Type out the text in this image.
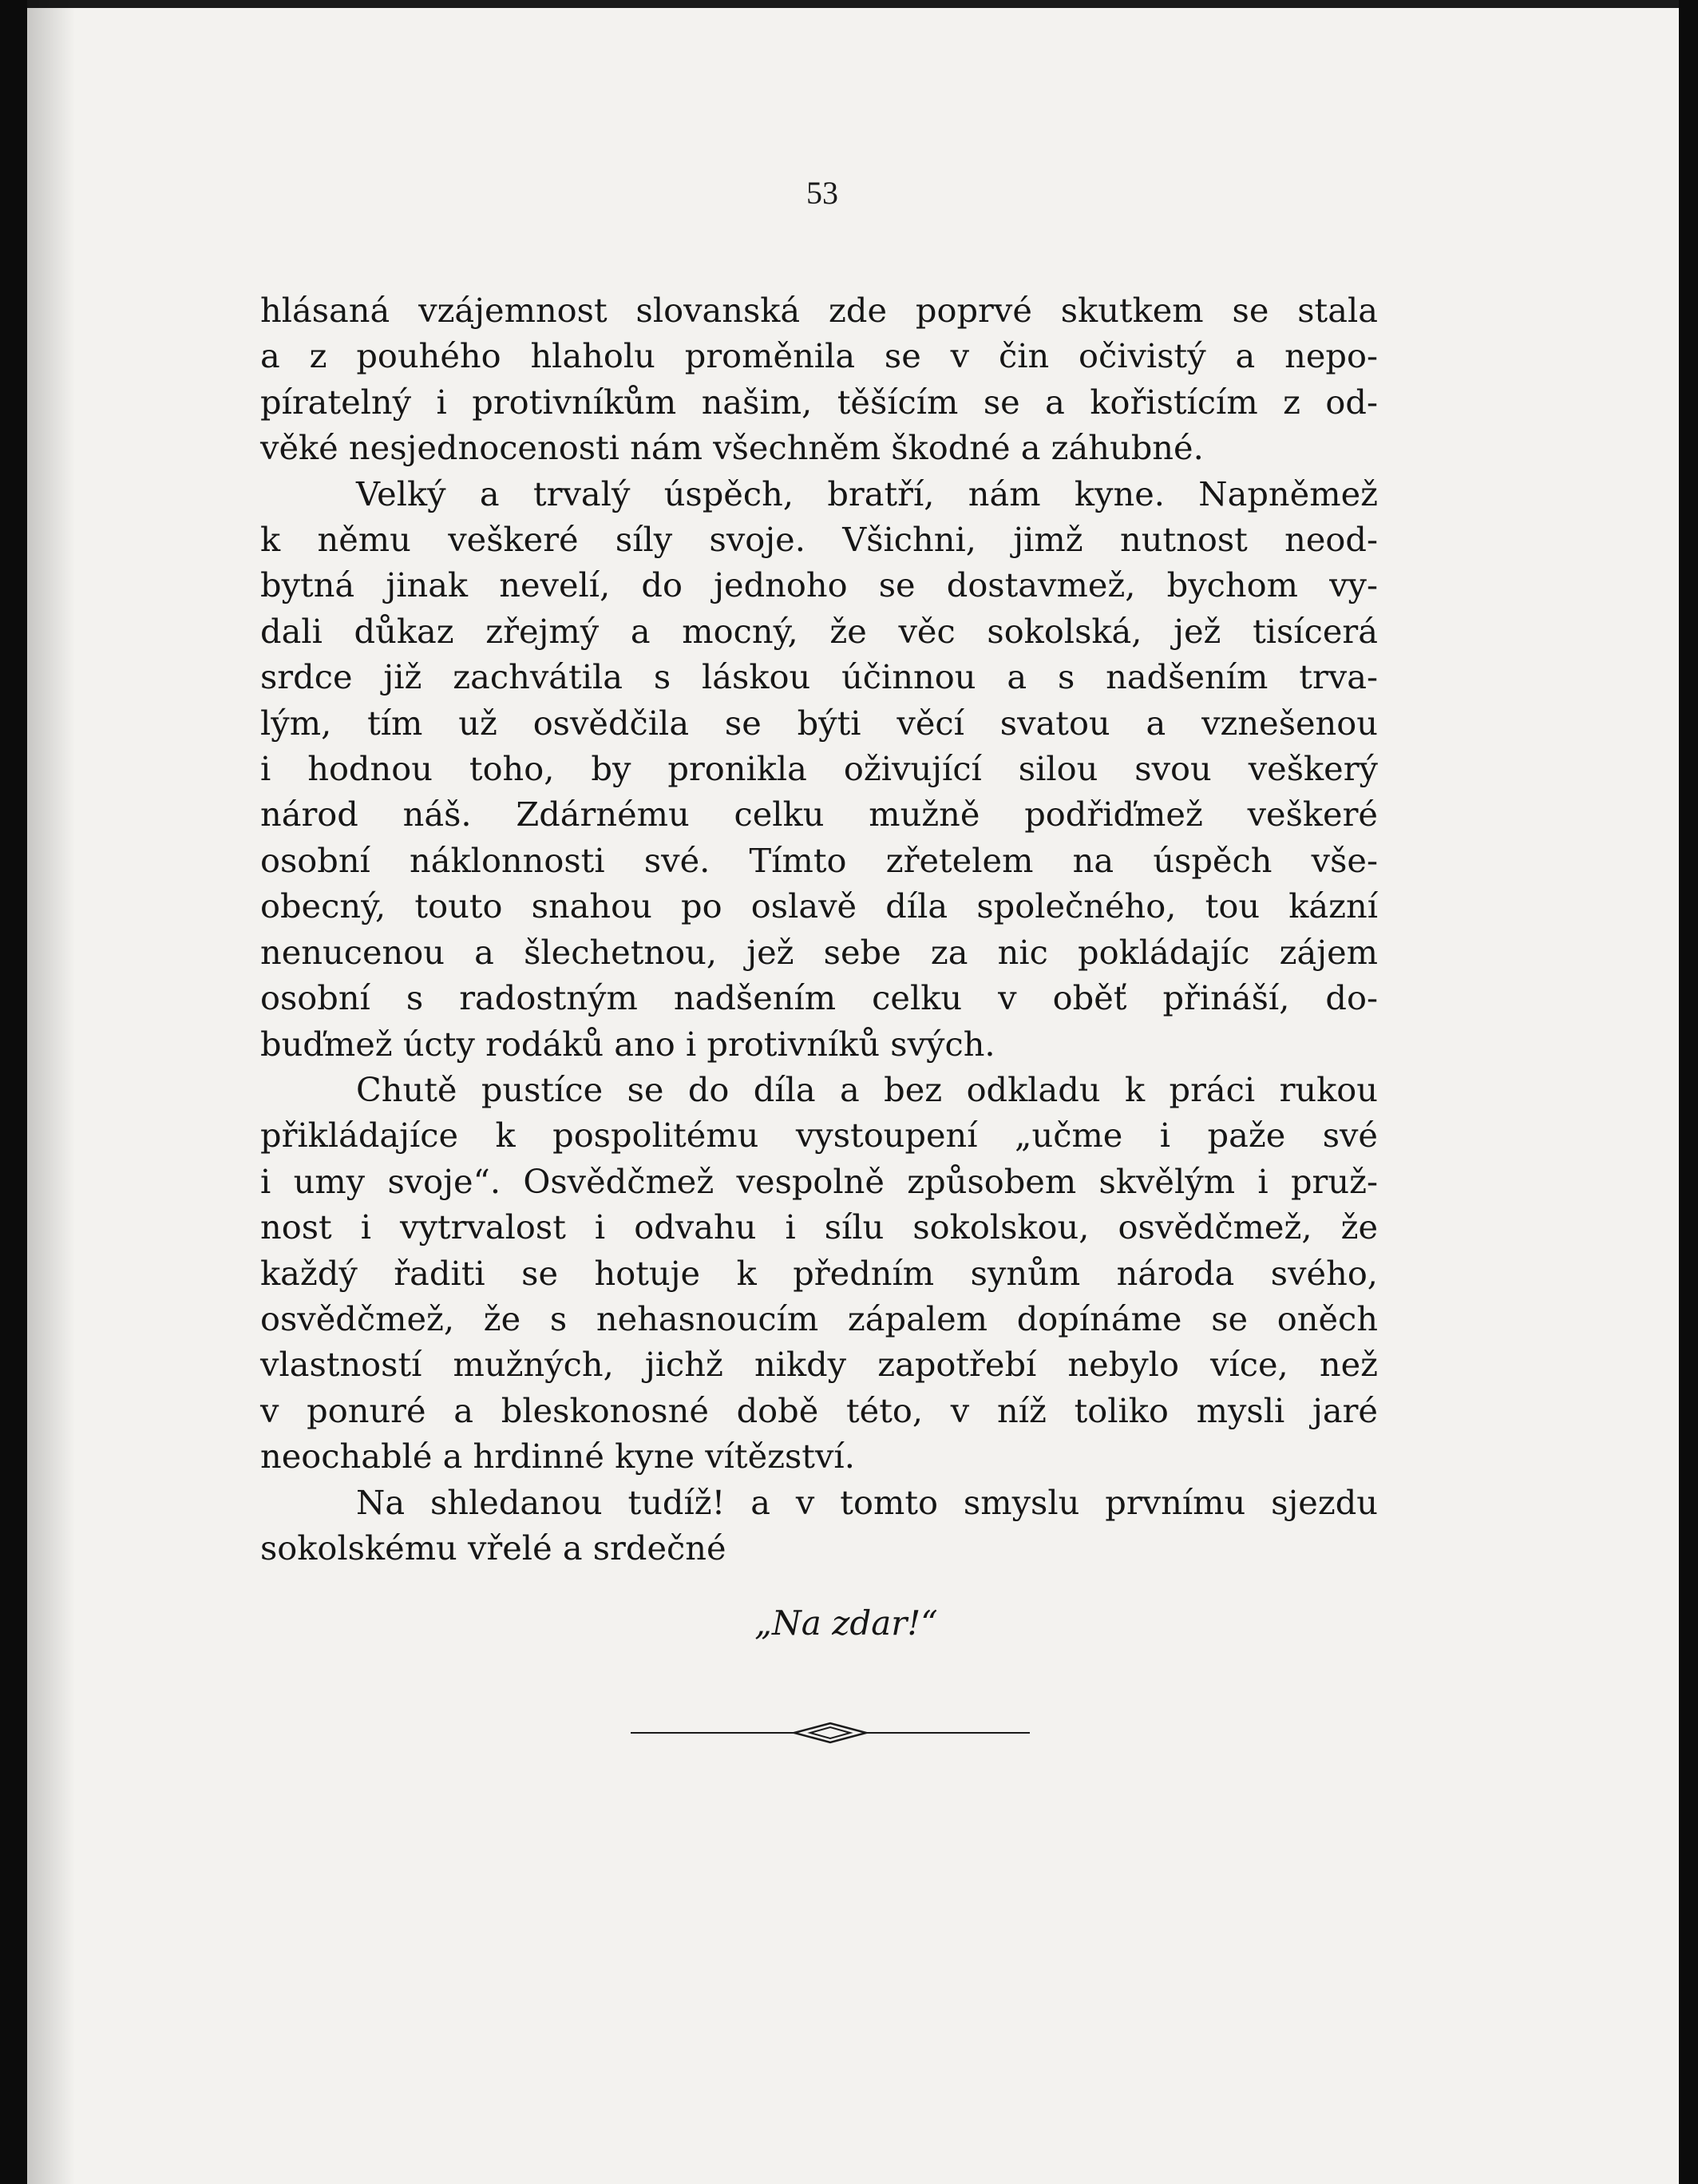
53

hlásaná vzájemnost slovanská zde poprvé skutkem se stala
a z pouhého hlaholu proměnila se v čin očivistý a nepo-
píratelný i protivníkům našim, těšícím se a kořistícím z od-
věké nesjednocenosti nám všechněm škodné a záhubné.
Velký a trvalý úspěch, bratří, nám kyne. Napněmež
k němu veškeré síly svoje. Všichni, jimž nutnost neod-
bytná jinak nevelí, do jednoho se dostavmež, bychom vy-
dali důkaz zřejmý a mocný, že věc sokolská, jež tisícerá
srdce již zachvátila s láskou účinnou a s nadšením trva-
lým, tím už osvědčila se býti věcí svatou a vznešenou
i hodnou toho, by pronikla oživující silou svou veškerý
národ náš. Zdárnému celku mužně podřiďmež veškeré
osobní náklonnosti své. Tímto zřetelem na úspěch vše-
obecný, touto snahou po oslavě díla společného, tou kázní
nenucenou a šlechetnou, jež sebe za nic pokládajíc zájem
osobní s radostným nadšením celku v oběť přináší, do-
buďmež úcty rodáků ano i protivníků svých.
Chutě pustíce se do díla a bez odkladu k práci rukou
přikládajíce k pospolitému vystoupení „učme i paže své
i umy svoje“. Osvědčmež vespolně způsobem skvělým i pruž-
nost i vytrvalost i odvahu i sílu sokolskou, osvědčmež, že
každý řaditi se hotuje k předním synům národa svého,
osvědčmež, že s nehasnoucím zápalem dopínáme se oněch
vlastností mužných, jichž nikdy zapotřebí nebylo více, než
v ponuré a bleskonosné době této, v níž toliko mysli jaré
neochablé a hrdinné kyne vítězství.
Na shledanou tudíž! a v tomto smyslu prvnímu sjezdu
sokolskému vřelé a srdečné

„Na zdar!“
